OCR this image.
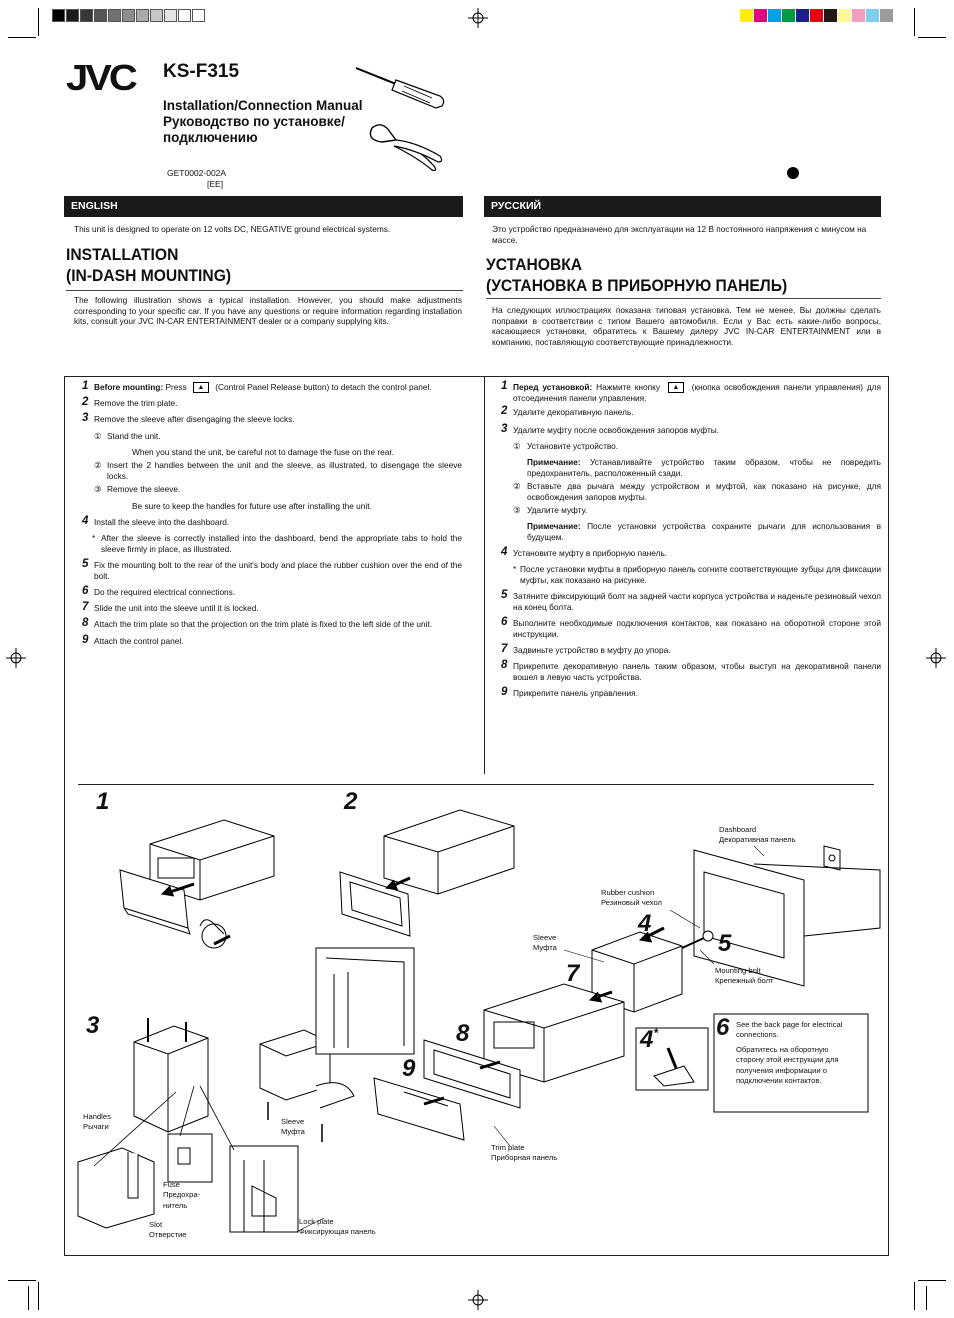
JVC KS-F315
Installation/Connection Manual
Руководство по установке/
подключению
GET0002-002A
[EE]
ENGLISH	РУССКИЙ
This unit is designed to operate on 12 volts DC, NEGATIVE ground electrical systems.
INSTALLATION
(IN-DASH MOUNTING)
The following illustration shows a typical installation. However, you should make adjustments corresponding to your specific car. If you have any questions or require information regarding installation kits, consult your JVC IN-CAR ENTERTAINMENT dealer or a company supplying kits.
Это устройство предназначено для эксплуатации на 12 В постоянного напряжения с минусом на массе.
УСТАНОВКА
(УСТАНОВКА В ПРИБОРНУЮ ПАНЕЛЬ)
На следующих иллюстрациях показана типовая установка. Тем не менее, Вы должны сделать поправки в соответствии с типом Вашего автомобиля. Если у Вас есть какие-либо вопросы, касающиеся установки, обратитесь к Вашему дилеру JVC IN-CAR ENTERTAINMENT или в компанию, поставляющую соответствующие принадлежности.
1 Before mounting: Press ▲ (Control Panel Release button) to detach the control panel.
2 Remove the trim plate.
3 Remove the sleeve after disengaging the sleeve locks.
① Stand the unit.
When you stand the unit, be careful not to damage the fuse on the rear.
② Insert the 2 handles between the unit and the sleeve, as illustrated, to disengage the sleeve locks.
③ Remove the sleeve.
Be sure to keep the handles for future use after installing the unit.
4 Install the sleeve into the dashboard.
* After the sleeve is correctly installed into the dashboard, bend the appropriate tabs to hold the sleeve firmly in place, as illustrated.
5 Fix the mounting bolt to the rear of the unit's body and place the rubber cushion over the end of the bolt.
6 Do the required electrical connections.
7 Slide the unit into the sleeve until it is locked.
8 Attach the trim plate so that the projection on the trim plate is fixed to the left side of the unit.
9 Attach the control panel.
1 Перед установкой: Нажмите кнопку ▲ (кнопка освобождения панели управления) для отсоединения панели управления.
2 Удалите декоративную панель.
3 Удалите муфту после освобождения запоров муфты.
① Установите устройство.
Примечание: Устанавливайте устройство таким образом, чтобы не повредить предохранитель, расположенный сзади.
② Вставьте два рычага между устройством и муфтой, как показано на рисунке, для освобождения запоров муфты.
③ Удалите муфту.
Примечание: После установки устройства сохраните рычаги для использования в будущем.
4 Установите муфту в приборную панель.
* После установки муфты в приборную панель согните соответствующие зубцы для фиксации муфты, как показано на рисунке.
5 Затяните фиксирующий болт на задней части корпуса устройства и наденьте резиновый чехол на конец болта.
6 Выполните необходимые подключения контактов, как показано на оборотной стороне этой инструкции.
7 Задвиньте устройство в муфту до упора.
8 Прикрепите декоративную панель таким образом, чтобы выступ на декоративной панели вошел в левую часть устройства.
9 Прикрепите панель управления.
1	2
3
4
5
7
8
9
4* 6
Dashboard
Декоративная панель
Rubber cushion
Резиновый чехол
Sleeve
Муфта
Mounting bolt
Крепежный болт
See the back page for electrical connections.
Обратитесь на оборотную сторону этой инструкции для получения информации о подключении контактов.
Handles
Рычаги
Sleeve
Муфта
Trim plate
Приборная панель
Fuse
Предохра-
нитель
Slot
Отверстие
Lock plate
Фиксирующая панель
